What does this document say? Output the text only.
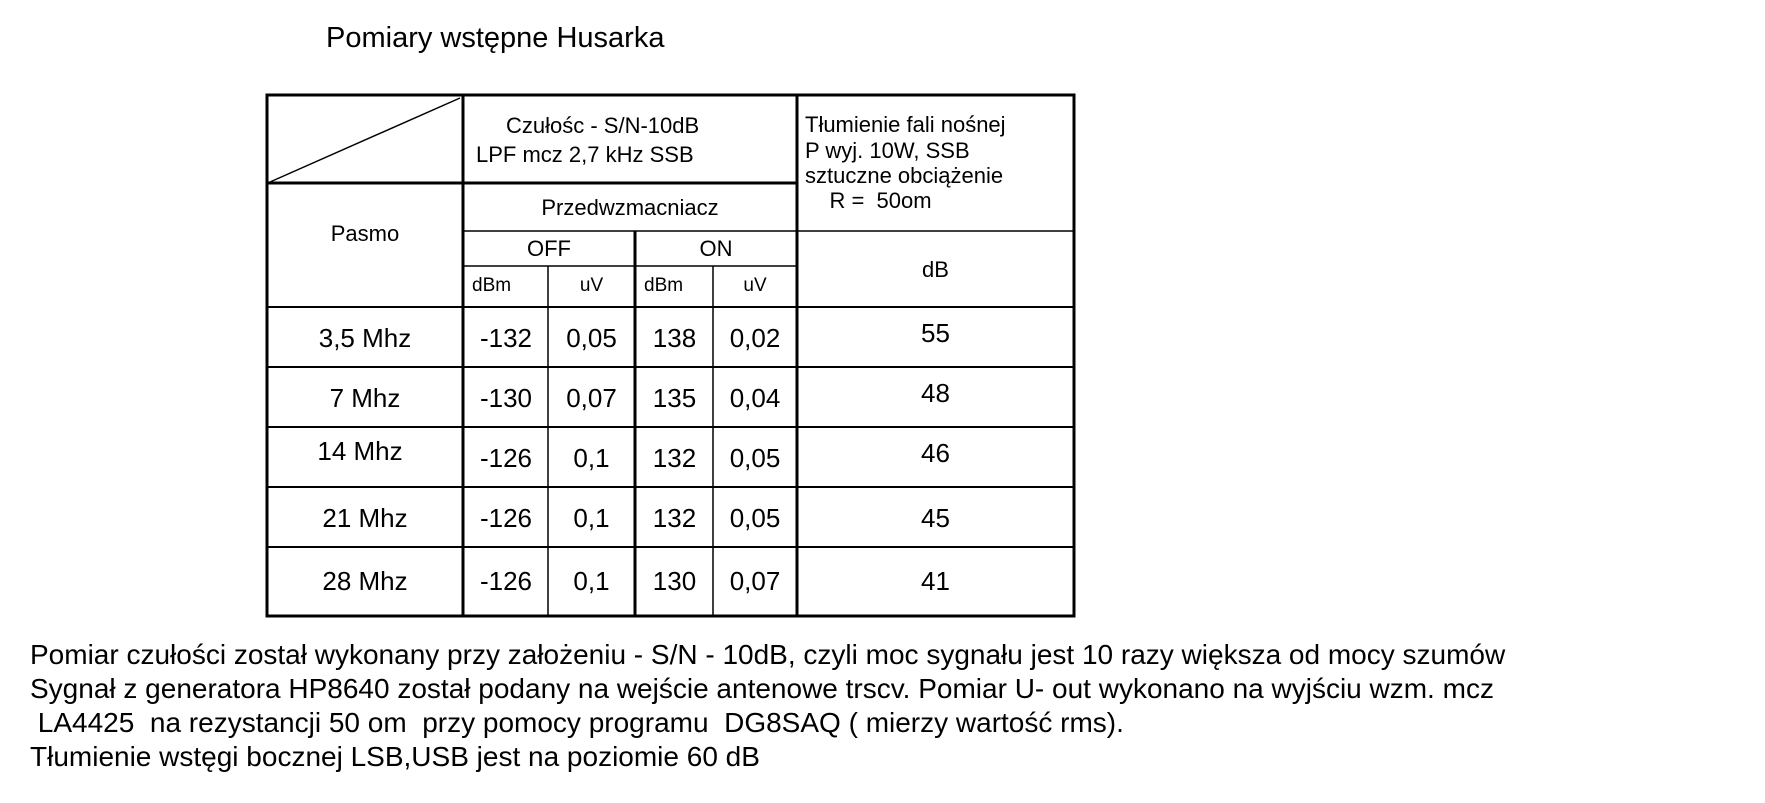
Pomiary wstępne Husarka
Czułośc - S/N-10dB
LPF mcz 2,7 kHz SSB
Tłumienie fali nośnej
P wyj. 10W, SSB
sztuczne obciążenie
R =  50om
Pasmo
Przedwzmacniacz
OFF	ON
dBm	uV	dBm	uV
dB
3,5 Mhz	-132	0,05	138	0,02	55
7 Mhz	-130	0,07	135	0,04	48
14 Mhz	-126	0,1	132	0,05	46
21 Mhz	-126	0,1	132	0,05	45
28 Mhz	-126	0,1	130	0,07	41
Pomiar czułości został wykonany przy założeniu - S/N - 10dB, czyli moc sygnału jest 10 razy większa od mocy szumów
Sygnał z generatora HP8640 został podany na wejście antenowe trscv. Pomiar U- out wykonano na wyjściu wzm. mcz
LA4425  na rezystancji 50 om  przy pomocy programu  DG8SAQ ( mierzy wartość rms).
Tłumienie wstęgi bocznej LSB,USB jest na poziomie 60 dB
